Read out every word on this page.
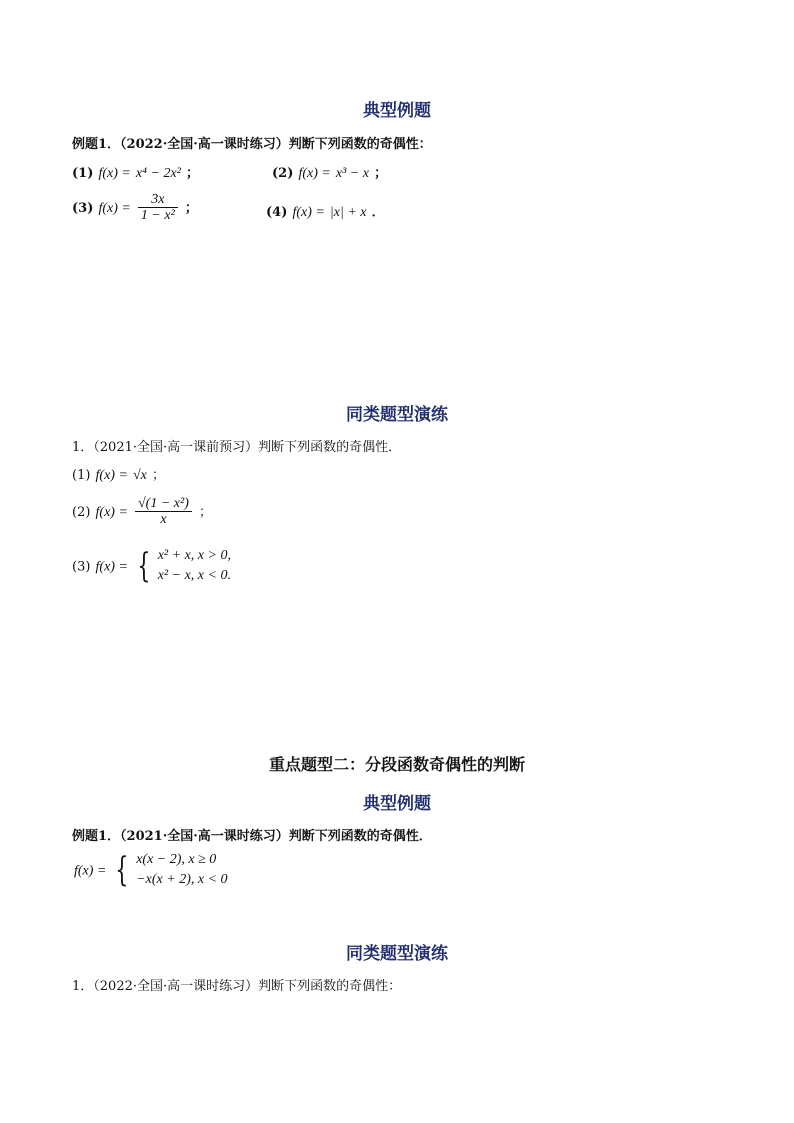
典型例题
例题1．（2022·全国·高一课时练习）判断下列函数的奇偶性：
(1) f(x) = x⁴ − 2x² ；	(2) f(x) = x³ − x ；
(3) $f(x) = \frac{3x}{\text{1 − x²}}$ ；	(4) f(x) = |x| + x ．
同类题型演练
1．（2021·全国·高一课前预习）判断下列函数的奇偶性．
(1) f(x) = √x ；
(2) $f(x) = \frac{\text{√(1 − x²)}}{x}$ ；
(3) f(x) = { x² + x, x > 0,
x² − x, x < 0.
重点题型二：分段函数奇偶性的判断
典型例题
例题1．（2021·全国·高一课时练习）判断下列函数的奇偶性．
f(x) = { x(x − 2), x ≥ 0
−x(x + 2), x < 0
同类题型演练
1．（2022·全国·高一课时练习）判断下列函数的奇偶性：
